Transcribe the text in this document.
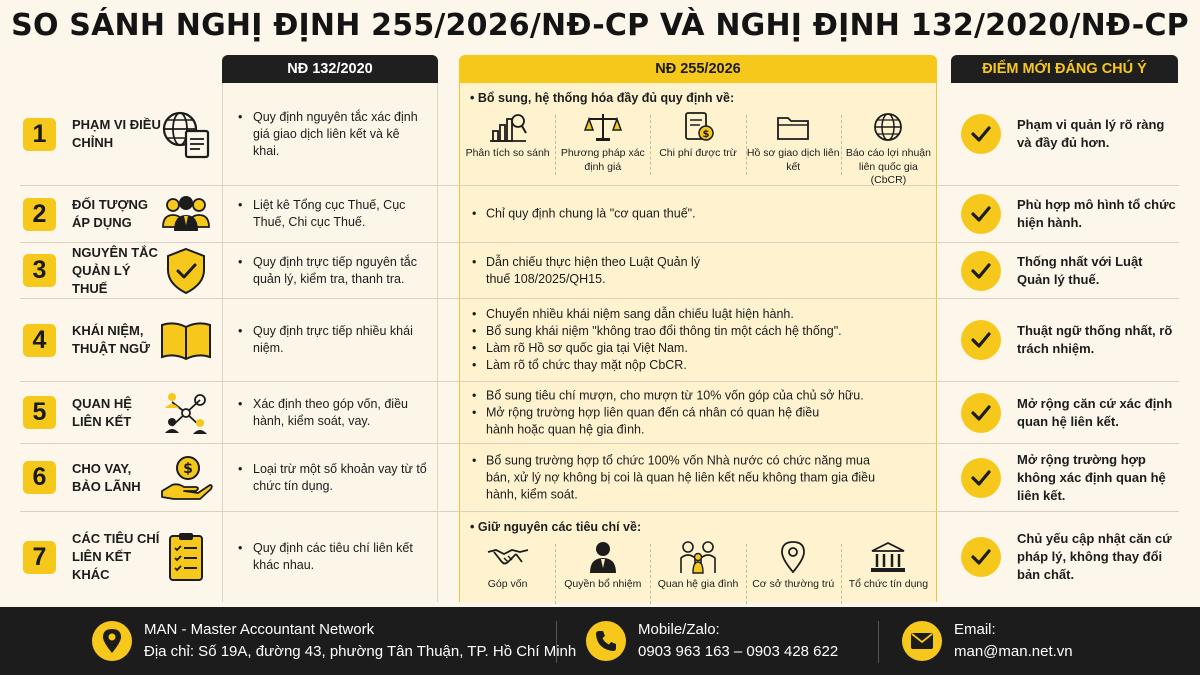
SO SÁNH NGHỊ ĐỊNH 255/2026/NĐ-CP VÀ NGHỊ ĐỊNH 132/2020/NĐ-CP
NĐ 132/2020	NĐ 255/2026	ĐIỂM MỚI ĐÁNG CHÚ Ý
1	PHẠM VI ĐIỀU CHỈNH
• Quy định nguyên tắc xác định giá giao dịch liên kết và kê khai.
• Bổ sung, hệ thống hóa đầy đủ quy định về:
Phân tích so sánh	Phương pháp xác định giá
$
Chi phí được trừ Hồ sơ giao dịch liên kết
Báo cáo lợi nhuận liên quốc gia (CbCR)
Phạm vi quản lý rõ ràng và đầy đủ hơn.
2	ĐỐI TƯỢNG ÁP DỤNG
• Liệt kê Tổng cục Thuế, Cục Thuế, Chi cục Thuế.
• Chỉ quy định chung là "cơ quan thuế".
Phù hợp mô hình tổ chức hiện hành.
3
NGUYÊN TẮC QUẢN LÝ THUẾ
• Quy định trực tiếp nguyên tắc quản lý, kiểm tra, thanh tra.
• Dẫn chiếu thực hiện theo Luật Quản lý thuế 108/2025/QH15.
Thống nhất với Luật Quản lý thuế.
4	KHÁI NIỆM, THUẬT NGỮ
• Quy định trực tiếp nhiều khái niệm.
• Chuyển nhiều khái niệm sang dẫn chiếu luật hiện hành.
• Bổ sung khái niệm "không trao đổi thông tin một cách hệ thống".
• Làm rõ Hồ sơ quốc gia tại Việt Nam.
• Làm rõ tổ chức thay mặt nộp CbCR.
Thuật ngữ thống nhất, rõ trách nhiệm.
5	QUAN HỆ LIÊN KẾT
• Xác định theo góp vốn, điều hành, kiểm soát, vay.
• Bổ sung tiêu chí mượn, cho mượn từ 10% vốn góp của chủ sở hữu.
• Mở rộng trường hợp liên quan đến cá nhân có quan hệ điều hành hoặc quan hệ gia đình.
Mở rộng căn cứ xác định quan hệ liên kết.
6	CHO VAY, BẢO LÃNH
$
•	Loại trừ một số khoản vay từ tổ chức tín dụng.
• Bổ sung trường hợp tổ chức 100% vốn Nhà nước có chức năng mua bán, xử lý nợ không bị coi là quan hệ liên kết nếu không tham gia điều hành, kiểm soát.
Mở rộng trường hợp không xác định quan hệ liên kết.
7
CÁC TIÊU CHÍ LIÊN KẾT KHÁC
• Quy định các tiêu chí liên kết khác nhau.
• Giữ nguyên các tiêu chí về:
Góp vốn	Quyền bổ nhiệm	Quan hệ gia đình	Cơ sở thường trú	Tổ chức tín dụng
Chủ yếu cập nhật căn cứ pháp lý, không thay đổi bản chất.
MAN - Master Accountant Network
Địa chỉ: Số 19A, đường 43, phường Tân Thuận, TP. Hồ Chí Minh
Mobile/Zalo:
0903 963 163 – 0903 428 622
Email:
man@man.net.vn
